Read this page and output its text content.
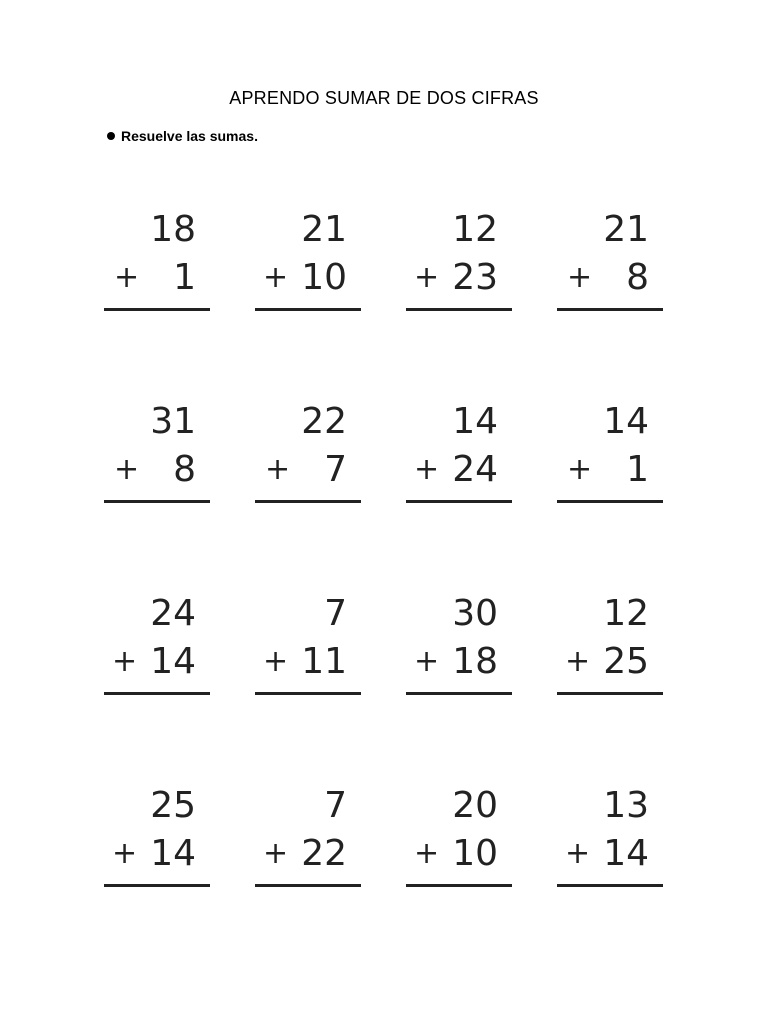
APRENDO SUMAR DE DOS CIFRAS
Resuelve las sumas.
18
+ 1
21
+ 10
12
+ 23
21
+ 8
31
+ 8
22
+ 7
14
+ 24
14
+ 1
24
+ 14
7
+ 11
30
+ 18
12
+ 25
25
+ 14
7
+ 22
20
+ 10
13
+ 14
